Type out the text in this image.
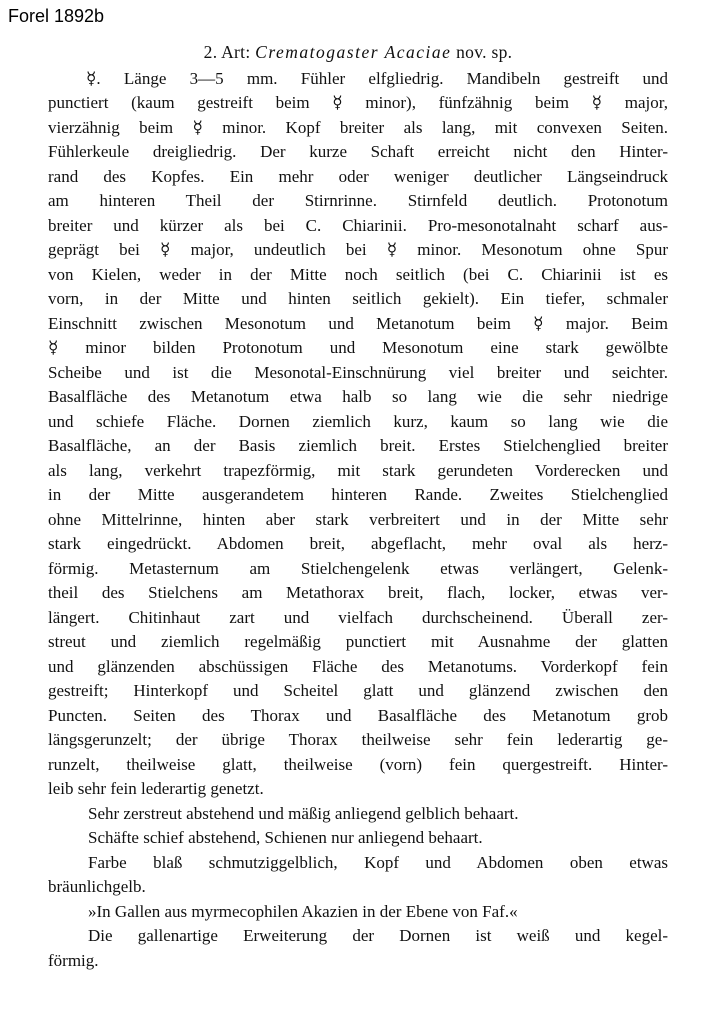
Forel 1892b
2. Art: Crematogaster Acaciae nov. sp.
☿. Länge 3—5 mm. Fühler elfgliedrig. Mandibeln gestreift und
punctiert (kaum gestreift beim ☿ minor), fünfzähnig beim ☿ major,
vierzähnig beim ☿ minor. Kopf breiter als lang, mit convexen Seiten.
Fühlerkeule dreigliedrig. Der kurze Schaft erreicht nicht den Hinter-
rand des Kopfes. Ein mehr oder weniger deutlicher Längseindruck
am hinteren Theil der Stirnrinne. Stirnfeld deutlich. Protonotum
breiter und kürzer als bei C. Chiarinii. Pro-mesonotalnaht scharf aus-
geprägt bei ☿ major, undeutlich bei ☿ minor. Mesonotum ohne Spur
von Kielen, weder in der Mitte noch seitlich (bei C. Chiarinii ist es
vorn, in der Mitte und hinten seitlich gekielt). Ein tiefer, schmaler
Einschnitt zwischen Mesonotum und Metanotum beim ☿ major. Beim
☿ minor bilden Protonotum und Mesonotum eine stark gewölbte
Scheibe und ist die Mesonotal-Einschnürung viel breiter und seichter.
Basalfläche des Metanotum etwa halb so lang wie die sehr niedrige
und schiefe Fläche. Dornen ziemlich kurz, kaum so lang wie die
Basalfläche, an der Basis ziemlich breit. Erstes Stielchenglied breiter
als lang, verkehrt trapezförmig, mit stark gerundeten Vorderecken und
in der Mitte ausgerandetem hinteren Rande. Zweites Stielchenglied
ohne Mittelrinne, hinten aber stark verbreitert und in der Mitte sehr
stark eingedrückt. Abdomen breit, abgeflacht, mehr oval als herz-
förmig. Metasternum am Stielchengelenk etwas verlängert, Gelenk-
theil des Stielchens am Metathorax breit, flach, locker, etwas ver-
längert. Chitinhaut zart und vielfach durchscheinend. Überall zer-
streut und ziemlich regelmäßig punctiert mit Ausnahme der glatten
und glänzenden abschüssigen Fläche des Metanotums. Vorderkopf fein
gestreift; Hinterkopf und Scheitel glatt und glänzend zwischen den
Puncten. Seiten des Thorax und Basalfläche des Metanotum grob
längsgerunzelt; der übrige Thorax theilweise sehr fein lederartig ge-
runzelt, theilweise glatt, theilweise (vorn) fein quergestreift. Hinter-
leib sehr fein lederartig genetzt.
Sehr zerstreut abstehend und mäßig anliegend gelblich behaart.
Schäfte schief abstehend, Schienen nur anliegend behaart.
Farbe blaß schmutziggelblich, Kopf und Abdomen oben etwas
bräunlichgelb.
»In Gallen aus myrmecophilen Akazien in der Ebene von Faf.«
Die gallenartige Erweiterung der Dornen ist weiß und kegel-
förmig.
